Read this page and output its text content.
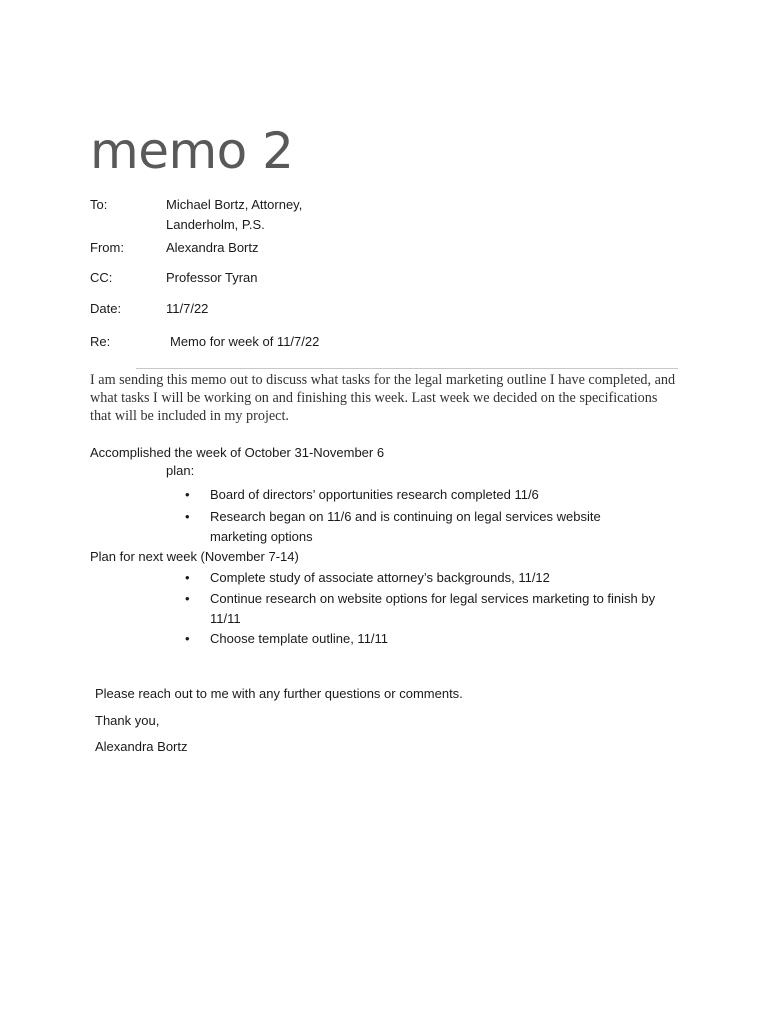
memo 2
To:	Michael Bortz, Attorney,
Landerholm, P.S.
From:	Alexandra Bortz
CC:	Professor Tyran
Date:	11/7/22
Re:	Memo for week of 11/7/22

I am sending this memo out to discuss what tasks for the legal marketing outline I have completed, and what tasks I will be working on and finishing this week. Last week we decided on the specifications that will be included in my project.

Accomplished the week of October 31-November 6
plan:
• Board of directors’ opportunities research completed 11/6
• Research began on 11/6 and is continuing on legal services website marketing options
Plan for next week (November 7-14)
• Complete study of associate attorney’s backgrounds, 11/12
• Continue research on website options for legal services marketing to finish by 11/11
• Choose template outline, 11/11
Please reach out to me with any further questions or comments.
Thank you,
Alexandra Bortz
